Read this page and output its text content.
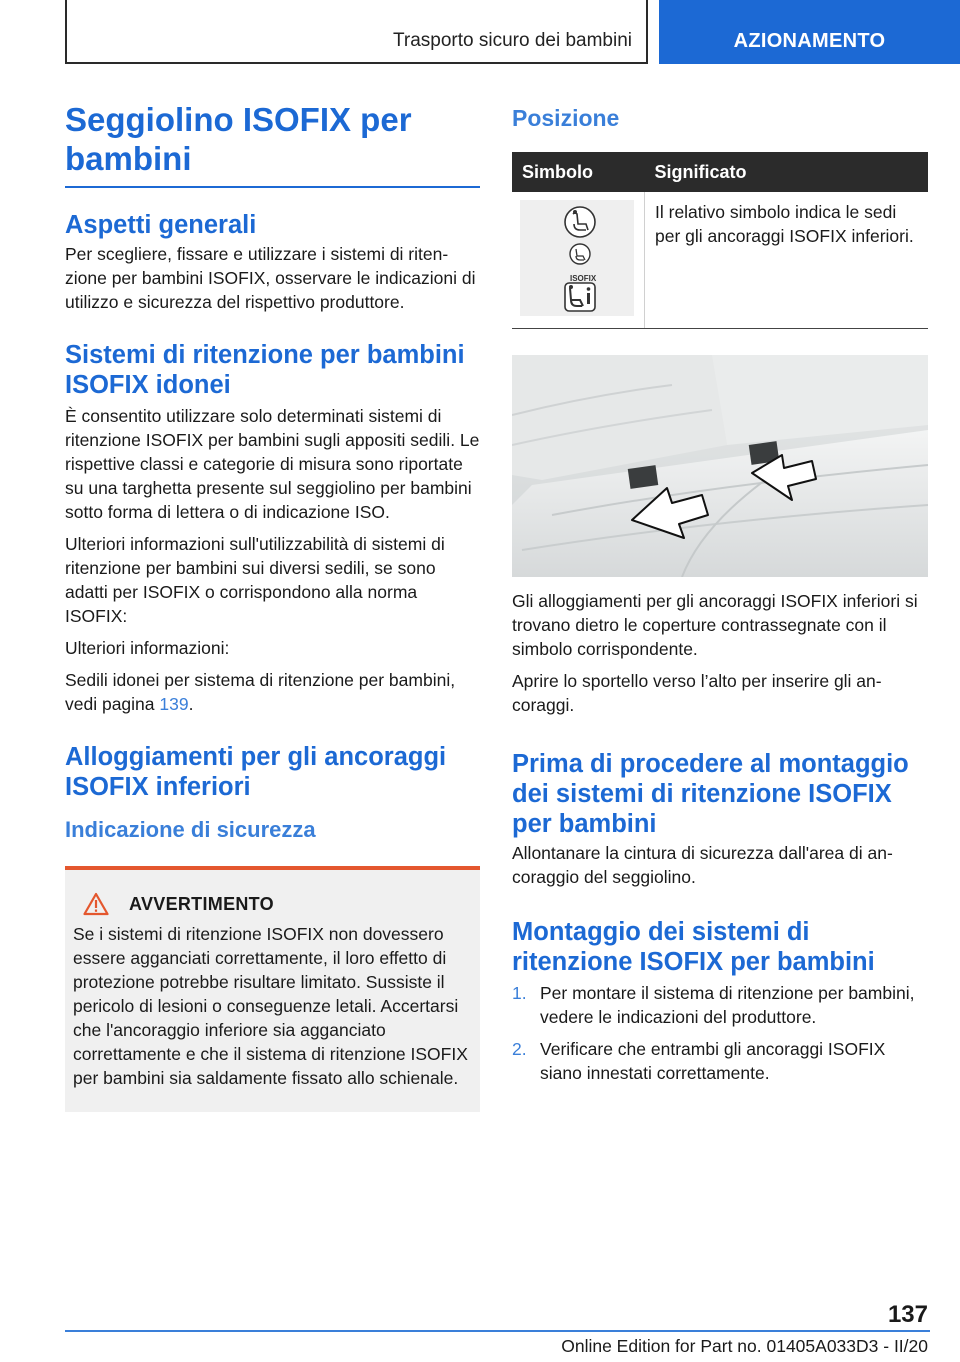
Trasporto sicuro dei bambini	AZIONAMENTO
Seggiolino ISOFIX per bambini
Aspetti generali

Per scegliere, fissare e utilizzare i sistemi di ritenzione per bambini ISOFIX, osservare le indicazioni di utilizzo e sicurezza del rispettivo produttore.

Sistemi di ritenzione per bambini ISOFIX idonei

È consentito utilizzare solo determinati sistemi di ritenzione ISOFIX per bambini sugli appositi sedili. Le rispettive classi e categorie di misura sono riportate su una targhetta presente sul seggiolino per bambini sotto forma di lettera o di indicazione ISO.

Ulteriori informazioni sull'utilizzabilità di sistemi di ritenzione per bambini sui diversi sedili, se sono adatti per ISOFIX o corrispondono alla norma ISOFIX:

Ulteriori informazioni:

Sedili idonei per sistema di ritenzione per bambini, vedi pagina 139.

Alloggiamenti per gli ancoraggi ISOFIX inferiori
Indicazione di sicurezza
AVVERTIMENTO

Se i sistemi di ritenzione ISOFIX non dovessero essere agganciati correttamente, il loro effetto di protezione potrebbe risultare limitato. Sussiste il pericolo di lesioni o conseguenze letali. Accertarsi che l'ancoraggio inferiore sia agganciato correttamente e che il sistema di ritenzione ISOFIX per bambini sia saldamente fissato allo schienale.

Posizione
Simbolo	Significato

ISOFIX	Il relativo simbolo indica le sedi per gli ancoraggi ISOFIX inferiori.

Gli alloggiamenti per gli ancoraggi ISOFIX inferiori si trovano dietro le coperture contrassegnate con il simbolo corrispondente.

Aprire lo sportello verso l’alto per inserire gli ancoraggi.

Prima di procedere al montaggio dei sistemi di ritenzione ISOFIX per bambini

Allontanare la cintura di sicurezza dall'area di ancoraggio del seggiolino.

Montaggio dei sistemi di ritenzione ISOFIX per bambini
1. Per montare il sistema di ritenzione per bambini, vedere le indicazioni del produttore.
2. Verificare che entrambi gli ancoraggi ISOFIX siano innestati correttamente.
137
Online Edition for Part no. 01405A033D3 - II/20
